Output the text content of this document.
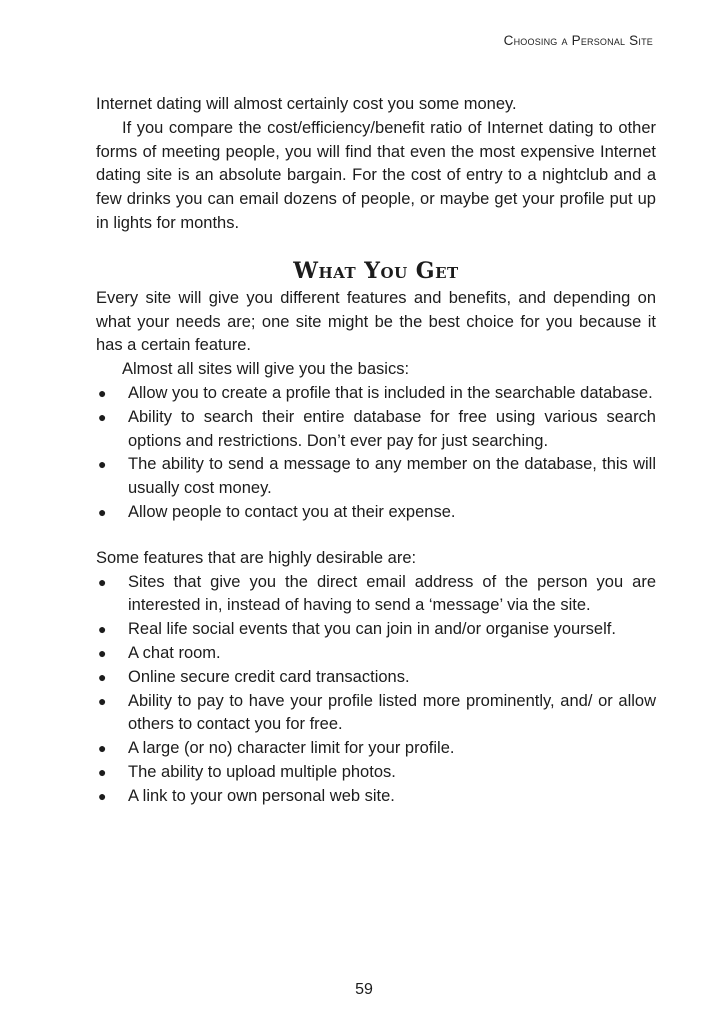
Choosing a Personal Site

Internet dating will almost certainly cost you some money.

If you compare the cost/efficiency/benefit ratio of Internet dating to other forms of meeting people, you will find that even the most expensive Internet dating site is an absolute bargain. For the cost of entry to a nightclub and a few drinks you can email dozens of people, or maybe get your profile put up in lights for months.

What You Get

Every site will give you different features and benefits, and depending on what your needs are; one site might be the best choice for you because it has a certain feature.

Almost all sites will give you the basics:

● Allow you to create a profile that is included in the searchable database.
● Ability to search their entire database for free using various search options and restrictions. Don’t ever pay for just searching.
● The ability to send a message to any member on the database, this will usually cost money.
● Allow people to contact you at their expense.

Some features that are highly desirable are:

● Sites that give you the direct email address of the person you are interested in, instead of having to send a ‘message’ via the site.
● Real life social events that you can join in and/or organise yourself.
● A chat room.
● Online secure credit card transactions.
● Ability to pay to have your profile listed more prominently, and/ or allow others to contact you for free.
● A large (or no) character limit for your profile.
● The ability to upload multiple photos.
● A link to your own personal web site.
59
